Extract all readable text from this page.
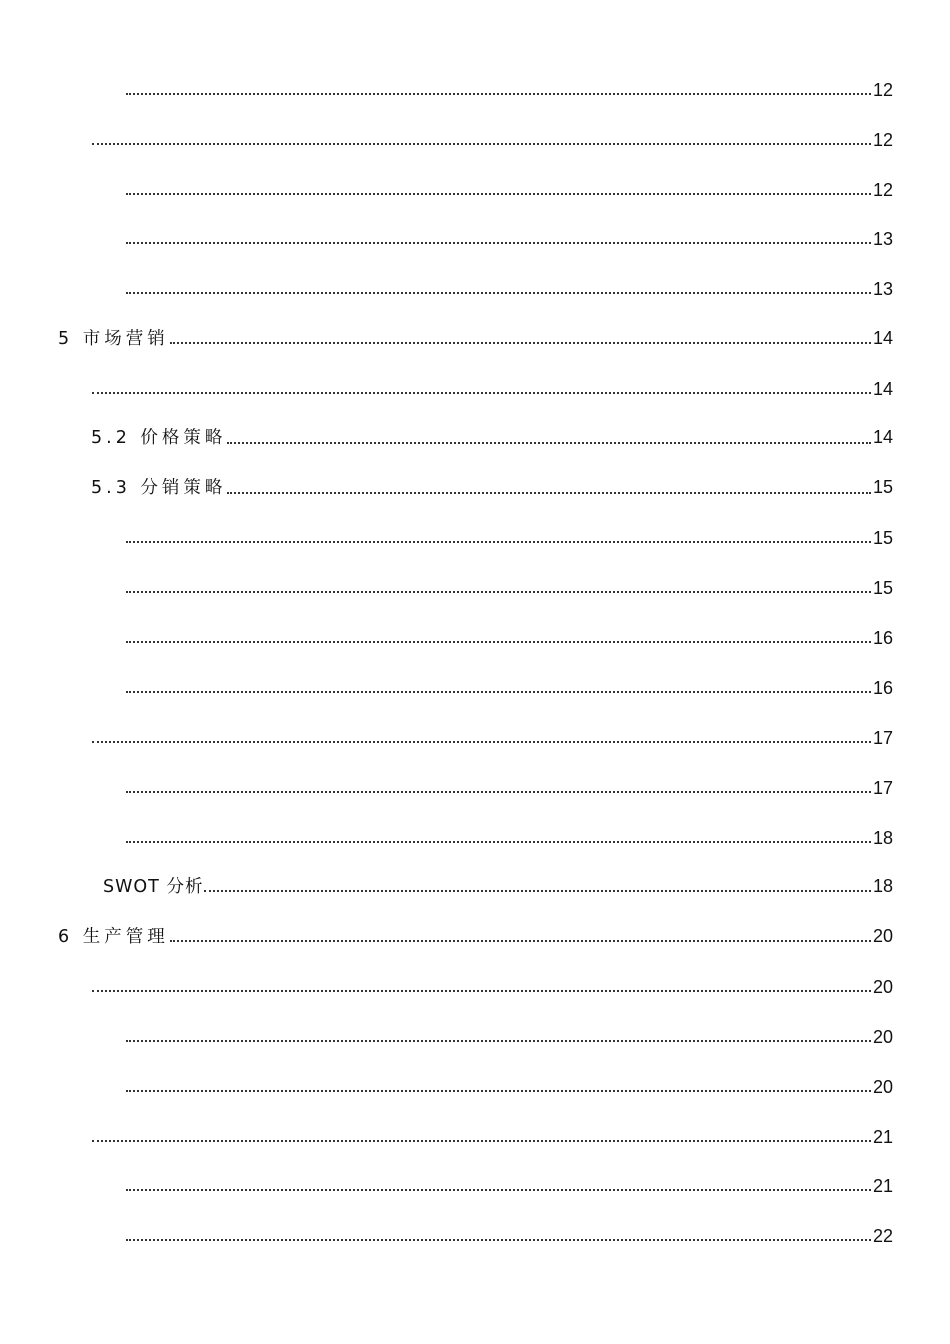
12
12
12
13
13
5 市场营销	14
14
5.2 价格策略	14
5.3 分销策略	15
15
15
16
16
17
17
18
SWOT 分析	18
6 生产管理	20
20
20
20
21
21
22
